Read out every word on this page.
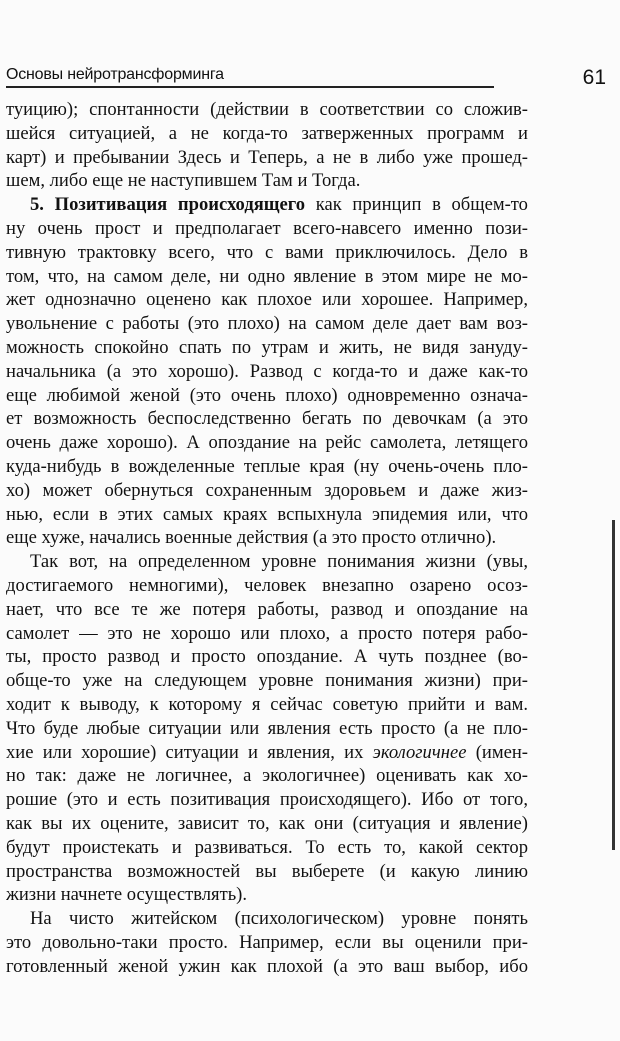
Основы нейротрансформинга	61
туицию); спонтанности (действии в соответствии со сложив-
шейся ситуацией, а не когда-то затверженных программ и
карт) и пребывании Здесь и Теперь, а не в либо уже прошед-
шем, либо еще не наступившем Там и Тогда.
5. Позитивация происходящего как принцип в общем-то
ну очень прост и предполагает всего-навсего именно пози-
тивную трактовку всего, что с вами приключилось. Дело в
том, что, на самом деле, ни одно явление в этом мире не мо-
жет однозначно оценено как плохое или хорошее. Например,
увольнение с работы (это плохо) на самом деле дает вам воз-
можность спокойно спать по утрам и жить, не видя зануду-
начальника (а это хорошо). Развод с когда-то и даже как-то
еще любимой женой (это очень плохо) одновременно означа-
ет возможность беспоследственно бегать по девочкам (а это
очень даже хорошо). А опоздание на рейс самолета, летящего
куда-нибудь в вожделенные теплые края (ну очень-очень пло-
хо) может обернуться сохраненным здоровьем и даже жиз-
нью, если в этих самых краях вспыхнула эпидемия или, что
еще хуже, начались военные действия (а это просто отлично).
Так вот, на определенном уровне понимания жизни (увы,
достигаемого немногими), человек внезапно озарено осоз-
нает, что все те же потеря работы, развод и опоздание на
самолет — это не хорошо или плохо, а просто потеря рабо-
ты, просто развод и просто опоздание. А чуть позднее (во-
обще-то уже на следующем уровне понимания жизни) при-
ходит к выводу, к которому я сейчас советую прийти и вам.
Что буде любые ситуации или явления есть просто (а не пло-
хие или хорошие) ситуации и явления, их экологичнее (имен-
но так: даже не логичнее, а экологичнее) оценивать как хо-
рошие (это и есть позитивация происходящего). Ибо от того,
как вы их оцените, зависит то, как они (ситуация и явление)
будут проистекать и развиваться. То есть то, какой сектор
пространства возможностей вы выберете (и какую линию
жизни начнете осуществлять).
На чисто житейском (психологическом) уровне понять
это довольно-таки просто. Например, если вы оценили при-
готовленный женой ужин как плохой (а это ваш выбор, ибо
